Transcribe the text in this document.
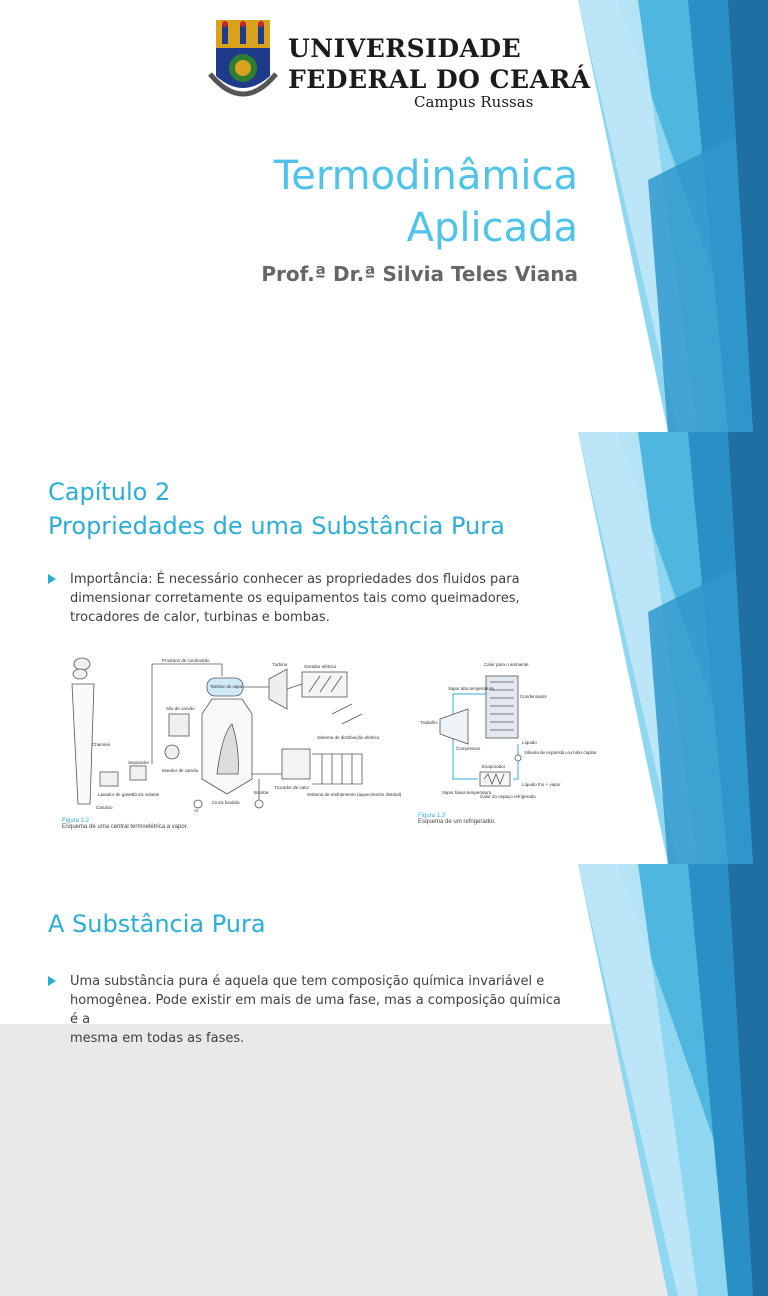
UNIVERSIDADE
FEDERAL DO CEARÁ
Campus Russas
Termodinâmica
Aplicada
Prof.ª Dr.ª Silvia Teles Viana
Capítulo 2
Propriedades de uma Substância Pura
Importância: É necessário conhecer as propriedades dos fluidos para
dimensionar corretamente os equipamentos tais como queimadores,
trocadores de calor, turbinas e bombas.
Produtos de combustão
Tambor de vapor
Turbina	Gerador elétrico
Silo de carvão
Chaminé
Lavador de gases
Calcário
Separador
Cinza volante
Moedor de carvão
Ar
Cinza fundida
Bomba
Trocador de calor
Sistema de distribuição elétrico
Sistema de resfriamento (aquecimento distrital)
Figura 1.2
Esquema de uma central termoelétrica a vapor.
Calor para o ambiente
Vapor alta temperatura
Condensador
Trabalho
Líquido
Compressor
Válvula de expansão ou tubo capilar
Evaporador
Vapor baixa temperatura
Líquido frio + vapor
Calor do espaço refrigerado
Figura 1.3
Esquema de um refrigerador.
A Substância Pura
Uma substância pura é aquela que tem composição química invariável e
homogênea. Pode existir em mais de uma fase, mas a composição química é a
mesma em todas as fases.
